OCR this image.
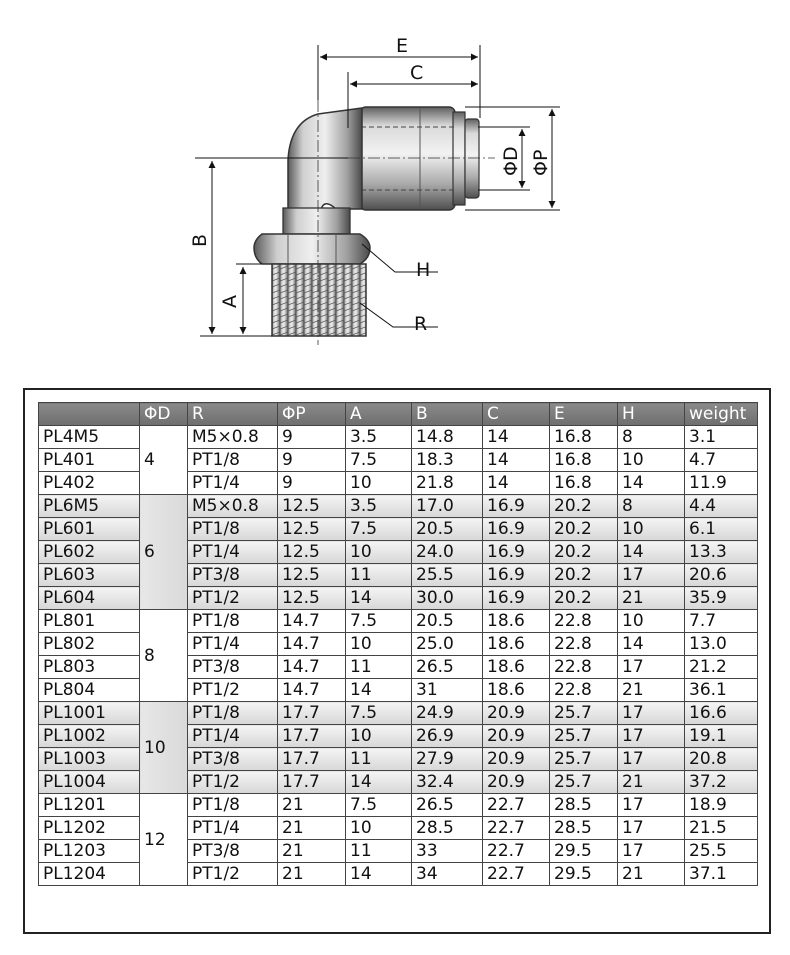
E
C
B
A
ΦD ΦP
H
R
	ΦD	R	ΦP	A	B	C	E	H	weight
PL4M5	4	M5×0.8	9	3.5	14.8	14	16.8	8	3.1
PL401		PT1/8	9	7.5	18.3	14	16.8	10	4.7
PL402		PT1/4	9	10	21.8	14	16.8	14	11.9
PL6M5	6	M5×0.8	12.5	3.5	17.0	16.9	20.2	8	4.4
PL601		PT1/8	12.5	7.5	20.5	16.9	20.2	10	6.1
PL602		PT1/4	12.5	10	24.0	16.9	20.2	14	13.3
PL603		PT3/8	12.5	11	25.5	16.9	20.2	17	20.6
PL604		PT1/2	12.5	14	30.0	16.9	20.2	21	35.9
PL801	8	PT1/8	14.7	7.5	20.5	18.6	22.8	10	7.7
PL802		PT1/4	14.7	10	25.0	18.6	22.8	14	13.0
PL803		PT3/8	14.7	11	26.5	18.6	22.8	17	21.2
PL804		PT1/2	14.7	14	31	18.6	22.8	21	36.1
PL1001	10	PT1/8	17.7	7.5	24.9	20.9	25.7	17	16.6
PL1002		PT1/4	17.7	10	26.9	20.9	25.7	17	19.1
PL1003		PT3/8	17.7	11	27.9	20.9	25.7	17	20.8
PL1004		PT1/2	17.7	14	32.4	20.9	25.7	21	37.2
PL1201	12	PT1/8	21	7.5	26.5	22.7	28.5	17	18.9
PL1202		PT1/4	21	10	28.5	22.7	28.5	17	21.5
PL1203		PT3/8	21	11	33	22.7	29.5	17	25.5
PL1204		PT1/2	21	14	34	22.7	29.5	21	37.1
